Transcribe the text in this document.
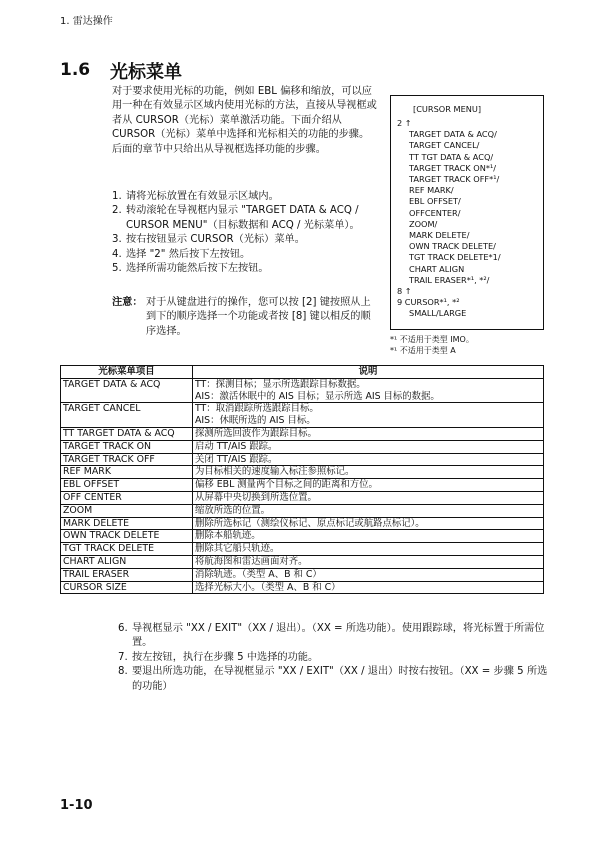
1. 雷达操作
1.6 光标菜单
对于要求使用光标的功能，例如 EBL 偏移和缩放，可以应用一种在有效显示区域内使用光标的方法，直接从导视框或者从 CURSOR（光标）菜单激活功能。下面介绍从 CURSOR（光标）菜单中选择和光标相关的功能的步骤。后面的章节中只给出从导视框选择功能的步骤。
1. 请将光标放置在有效显示区域内。
2. 转动滚轮在导视框内显示 "TARGET DATA & ACQ / CURSOR MENU"（目标数据和 ACQ / 光标菜单）。
3. 按右按钮显示 CURSOR（光标）菜单。
4. 选择 "2" 然后按下左按钮。
5. 选择所需功能然后按下左按钮。
注意： 对于从键盘进行的操作，您可以按 [2] 键按照从上到下的顺序选择一个功能或者按 [8] 键以相反的顺序选择。
[CURSOR MENU]
2 ↑
TARGET DATA & ACQ/
TARGET CANCEL/
TT TGT DATA & ACQ/
TARGET TRACK ON*¹/
TARGET TRACK OFF*¹/
REF MARK/
EBL OFFSET/
OFFCENTER/
ZOOM/
MARK DELETE/
OWN TRACK DELETE/
TGT TRACK DELETE*1/
CHART ALIGN
TRAIL ERASER*¹, *²/
8 ↑
9 CURSOR*¹, *²
SMALL/LARGE
*¹ 不适用于类型 IMO。
*¹ 不适用于类型 A
光标菜单项目	说明
TARGET DATA & ACQ	TT：探测目标；显示所选跟踪目标数据。
AIS：激活休眠中的 AIS 目标；显示所选 AIS 目标的数据。

TARGET CANCEL	TT：取消跟踪所选跟踪目标。
AIS：休眠所选的 AIS 目标。

TT TARGET DATA & ACQ	探测所选回波作为跟踪目标。

TARGET TRACK ON	启动 TT/AIS 跟踪。

TARGET TRACK OFF	关闭 TT/AIS 跟踪。

REF MARK	为目标相关的速度输入标注参照标记。

EBL OFFSET	偏移 EBL 测量两个目标之间的距离和方位。

OFF CENTER	从屏幕中央切换到所选位置。

ZOOM	缩放所选的位置。

MARK DELETE	删除所选标记（测绘仪标记、原点标记或航路点标记）。

OWN TRACK DELETE	删除本船轨迹。

TGT TRACK DELETE	删除其它船只轨迹。

CHART ALIGN	将航海图和雷达画面对齐。

TRAIL ERASER	消除轨迹。（类型 A、B 和 C）

CURSOR SIZE	选择光标大小。（类型 A、B 和 C）
6. 导视框显示 "XX / EXIT"（XX / 退出）。（XX = 所选功能）。使用跟踪球，将光标置于所需位置。
7. 按左按钮，执行在步骤 5 中选择的功能。
8. 要退出所选功能，在导视框显示 "XX / EXIT"（XX / 退出）时按右按钮。（XX = 步骤 5 所选的功能）
1-10
